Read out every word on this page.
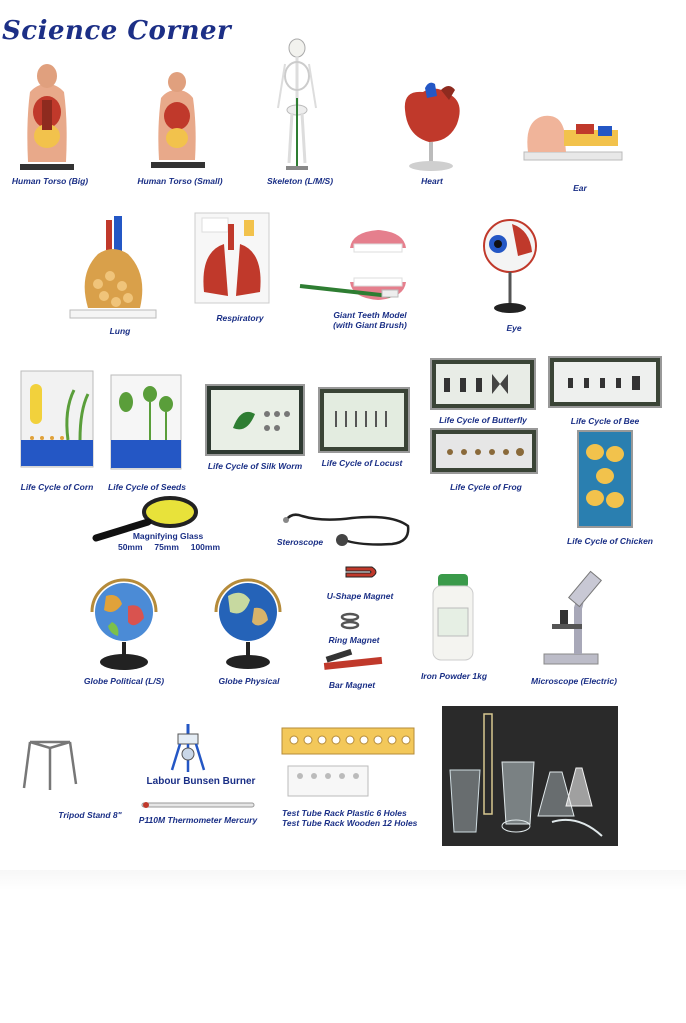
Science Corner
Human Torso (Big)	Human Torso (Small)	Skeleton (L/M/S)	Heart
Ear
Lung
Respiratory	Giant Teeth Model
(with Giant Brush)	Eye
Life Cycle of Corn	Life Cycle of Seeds
Life Cycle of Silk Worm	Life Cycle of Locust
Life Cycle of Butterfly	Life Cycle of Bee
Life Cycle of Frog
Life Cycle of Chicken
Magnifying Glass
50mm     75mm     100mm	Steroscope
Globe Political (L/S)	Globe Physical
U-Shape Magnet
Ring Magnet
Bar Magnet
Iron Powder 1kg	Microscope (Electric)
Tripod Stand 8"
Labour Bunsen Burner
P110M Thermometer Mercury
Test Tube Rack Plastic 6 Holes
Test Tube Rack Wooden 12 Holes
